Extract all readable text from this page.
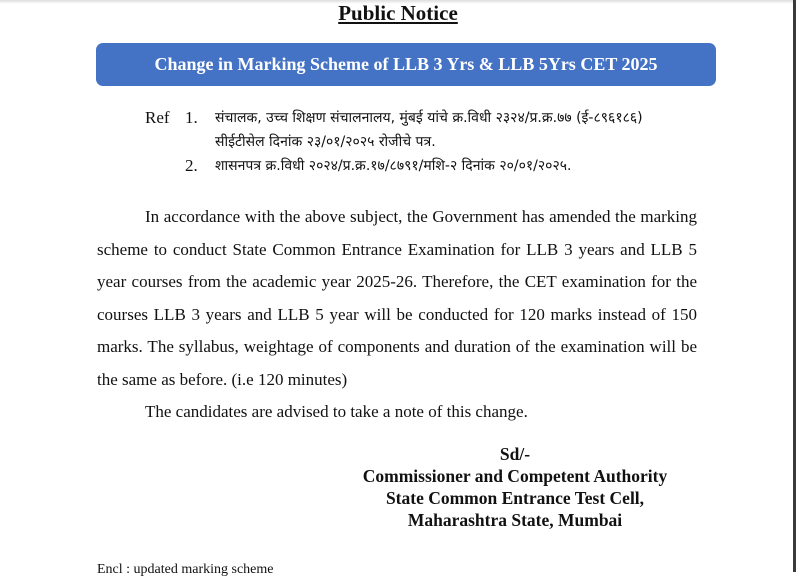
Public Notice
Change in Marking Scheme of LLB 3 Yrs & LLB 5Yrs CET 2025
Ref 1.	संचालक, उच्च शिक्षण संचालनालय, मुंबई यांचे क्र.विधी २३२४/प्र.क्र.७७ (ई-८९६१८६) सीईटीसेल दिनांक २३/०१/२०२५ रोजीचे पत्र.
2.	शासनपत्र क्र.विधी २०२४/प्र.क्र.१७/८७९१/मशि-२ दिनांक २०/०१/२०२५.

In accordance with the above subject, the Government has amended the marking scheme to conduct State Common Entrance Examination for LLB 3 years and LLB 5 year courses from the academic year 2025-26. Therefore, the CET examination for the courses LLB 3 years and LLB 5 year will be conducted for 120 marks instead of 150 marks. The syllabus, weightage of components and duration of the examination will be the same as before. (i.e 120 minutes)

The candidates are advised to take a note of this change.

Sd/-
Commissioner and Competent Authority
State Common Entrance Test Cell,
Maharashtra State, Mumbai
Encl : updated marking scheme
